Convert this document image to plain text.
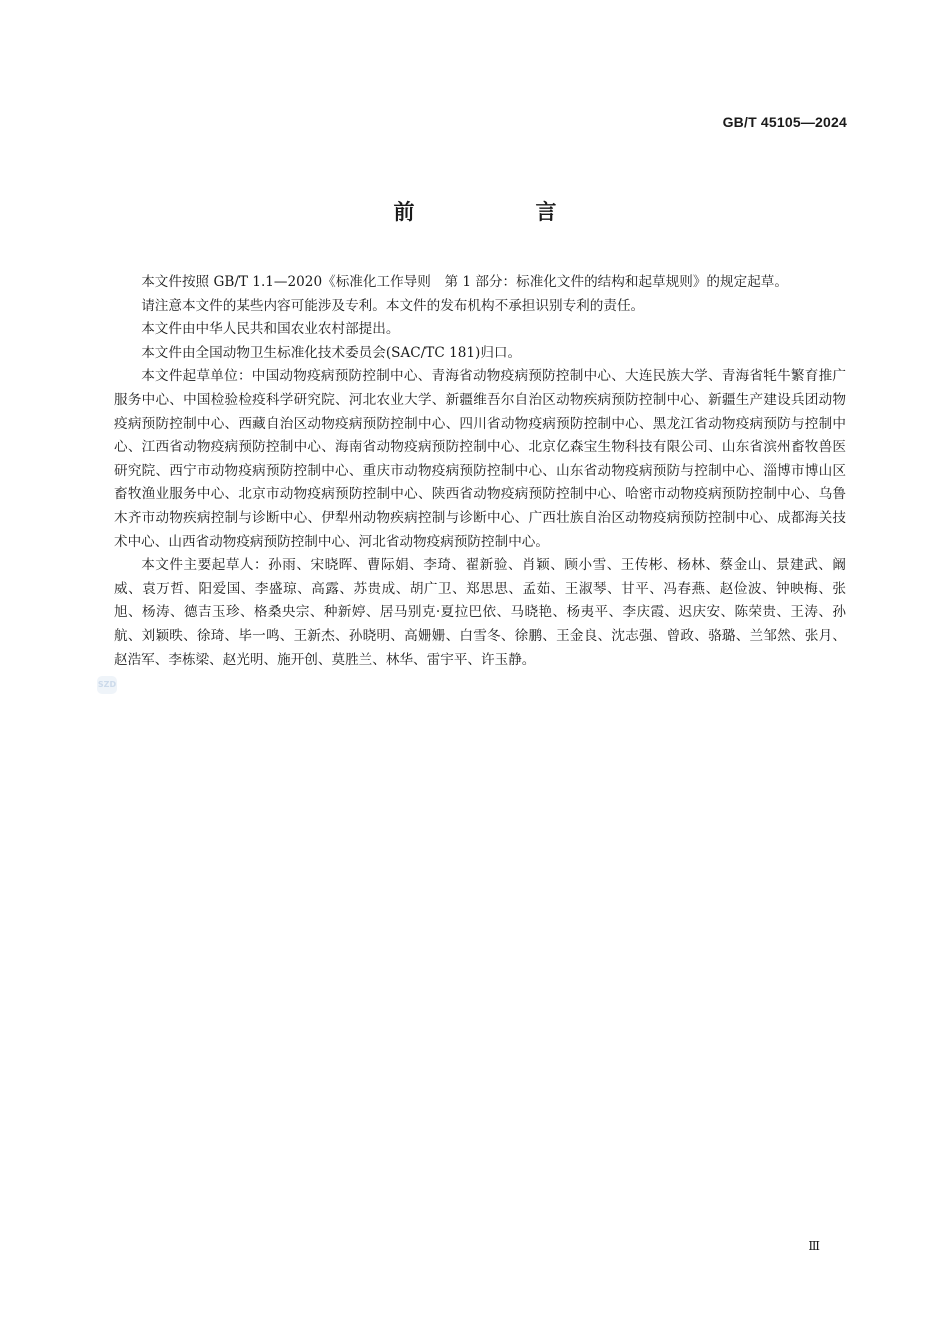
GB/T 45105—2024
前　言

本文件按照 GB/T 1.1—2020《标准化工作导则　第 1 部分：标准化文件的结构和起草规则》的规定起草。

请注意本文件的某些内容可能涉及专利。本文件的发布机构不承担识别专利的责任。

本文件由中华人民共和国农业农村部提出。

本文件由全国动物卫生标准化技术委员会(SAC/TC 181)归口。

本文件起草单位：中国动物疫病预防控制中心、青海省动物疫病预防控制中心、大连民族大学、青海省牦牛繁育推广服务中心、中国检验检疫科学研究院、河北农业大学、新疆维吾尔自治区动物疾病预防控制中心、新疆生产建设兵团动物疫病预防控制中心、西藏自治区动物疫病预防控制中心、四川省动物疫病预防控制中心、黑龙江省动物疫病预防与控制中心、江西省动物疫病预防控制中心、海南省动物疫病预防控制中心、北京亿森宝生物科技有限公司、山东省滨州畜牧兽医研究院、西宁市动物疫病预防控制中心、重庆市动物疫病预防控制中心、山东省动物疫病预防与控制中心、淄博市博山区畜牧渔业服务中心、北京市动物疫病预防控制中心、陕西省动物疫病预防控制中心、哈密市动物疫病预防控制中心、乌鲁木齐市动物疾病控制与诊断中心、伊犁州动物疾病控制与诊断中心、广西壮族自治区动物疫病预防控制中心、成都海关技术中心、山西省动物疫病预防控制中心、河北省动物疫病预防控制中心。

本文件主要起草人：孙雨、宋晓晖、曹际娟、李琦、翟新验、肖颖、顾小雪、王传彬、杨林、蔡金山、景建武、阚威、袁万哲、阳爱国、李盛琼、高露、苏贵成、胡广卫、郑思思、孟茹、王淑琴、甘平、冯春燕、赵俭波、钟映梅、张旭、杨涛、德吉玉珍、格桑央宗、种新婷、居马别克·夏拉巴依、马晓艳、杨夷平、李庆霞、迟庆安、陈荣贵、王涛、孙航、刘颖昳、徐琦、毕一鸣、王新杰、孙晓明、高姗姗、白雪冬、徐鹏、王金良、沈志强、曾政、骆璐、兰邹然、张月、赵浩军、李栋梁、赵光明、施开创、莫胜兰、林华、雷宇平、许玉静。

SZD
Ⅲ
